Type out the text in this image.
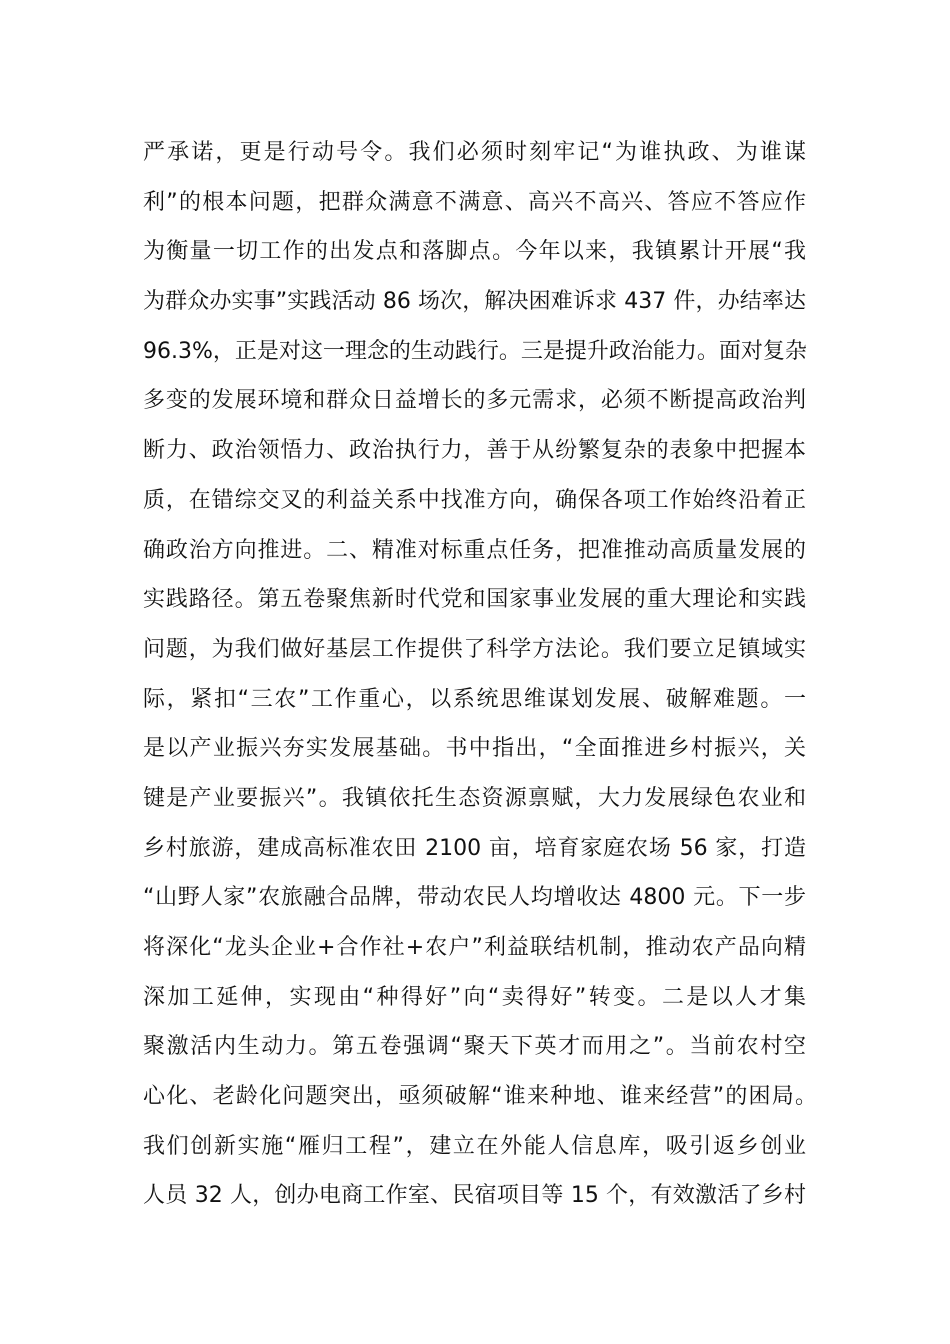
严承诺，更是行动号令。我们必须时刻牢记“为谁执政、为谁谋
利”的根本问题，把群众满意不满意、高兴不高兴、答应不答应作
为衡量一切工作的出发点和落脚点。今年以来，我镇累计开展“我
为群众办实事”实践活动 86 场次，解决困难诉求 437 件，办结率达
96.3%，正是对这一理念的生动践行。三是提升政治能力。面对复杂
多变的发展环境和群众日益增长的多元需求，必须不断提高政治判
断力、政治领悟力、政治执行力，善于从纷繁复杂的表象中把握本
质，在错综交叉的利益关系中找准方向，确保各项工作始终沿着正
确政治方向推进。二、精准对标重点任务，把准推动高质量发展的
实践路径。第五卷聚焦新时代党和国家事业发展的重大理论和实践
问题，为我们做好基层工作提供了科学方法论。我们要立足镇域实
际，紧扣“三农”工作重心，以系统思维谋划发展、破解难题。一
是以产业振兴夯实发展基础。书中指出，“全面推进乡村振兴，关
键是产业要振兴”。我镇依托生态资源禀赋，大力发展绿色农业和
乡村旅游，建成高标准农田 2100 亩，培育家庭农场 56 家，打造
“山野人家”农旅融合品牌，带动农民人均增收达 4800 元。下一步
将深化“龙头企业+合作社+农户”利益联结机制，推动农产品向精
深加工延伸，实现由“种得好”向“卖得好”转变。二是以人才集
聚激活内生动力。第五卷强调“聚天下英才而用之”。当前农村空
心化、老龄化问题突出，亟须破解“谁来种地、谁来经营”的困局。
我们创新实施“雁归工程”，建立在外能人信息库，吸引返乡创业
人员 32 人，创办电商工作室、民宿项目等 15 个，有效激活了乡村
